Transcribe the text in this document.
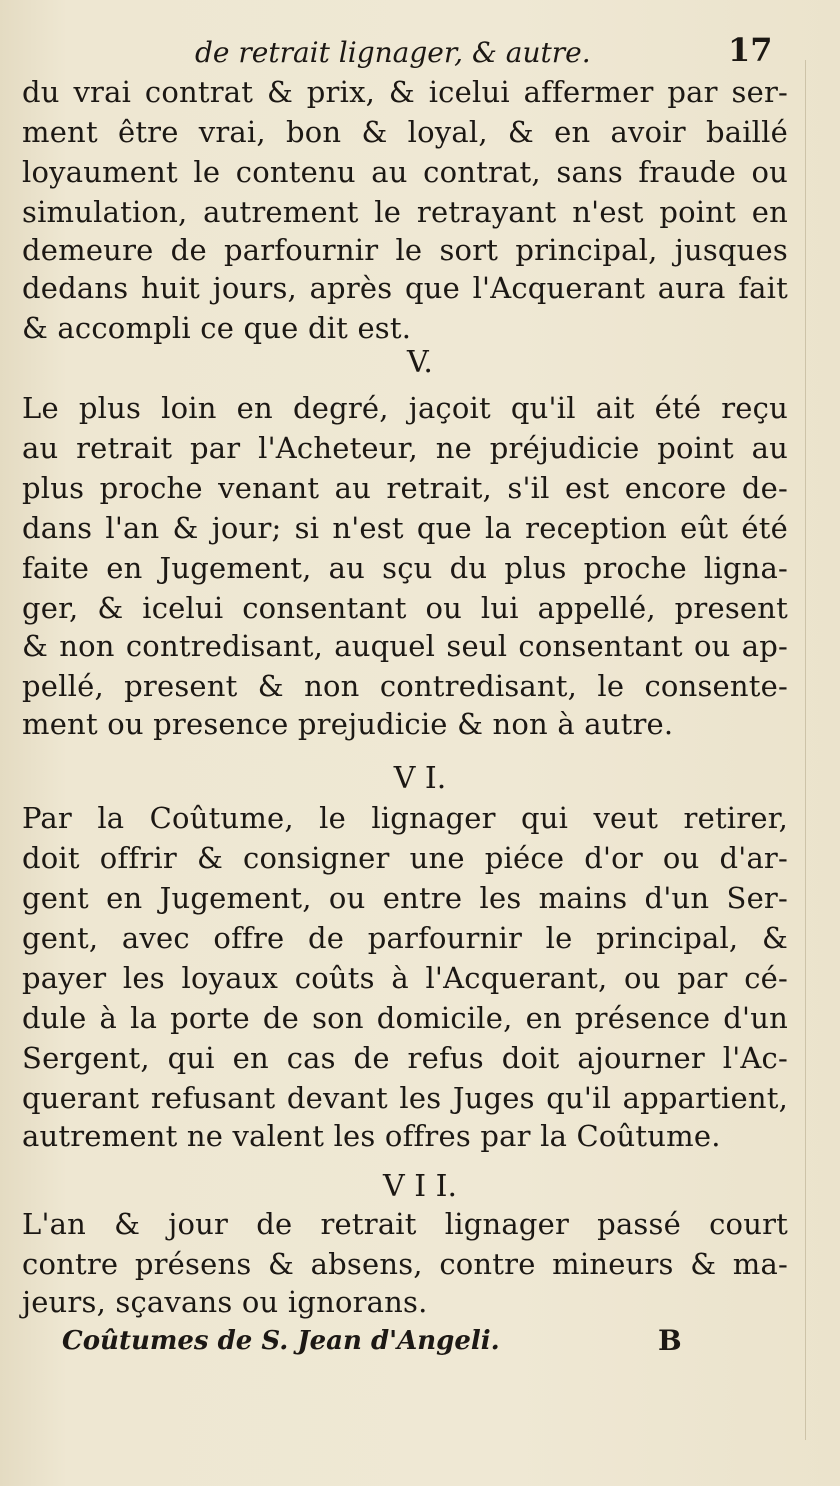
de retrait lignager, & autre.	17
du vrai contrat & prix, & icelui affermer par ser-
ment être vrai, bon & loyal, & en avoir baillé
loyaument le contenu au contrat, sans fraude ou
simulation, autrement le retrayant n'est point en
demeure de parfournir le sort principal, jusques
dedans huit jours, après que l'Acquerant aura fait
& accompli ce que dit est.
V.
Le plus loin en degré, jaçoit qu'il ait été reçu
au retrait par l'Acheteur, ne préjudicie point au
plus proche venant au retrait, s'il est encore de-
dans l'an & jour; si n'est que la reception eût été
faite en Jugement, au sçu du plus proche ligna-
ger, & icelui consentant ou lui appellé, present
& non contredisant, auquel seul consentant ou ap-
pellé, present & non contredisant, le consente-
ment ou presence prejudicie & non à autre.
V I.
Par la Coûtume, le lignager qui veut retirer,
doit offrir & consigner une piéce d'or ou d'ar-
gent en Jugement, ou entre les mains d'un Ser-
gent, avec offre de parfournir le principal, &
payer les loyaux coûts à l'Acquerant, ou par cé-
dule à la porte de son domicile, en présence d'un
Sergent, qui en cas de refus doit ajourner l'Ac-
querant refusant devant les Juges qu'il appartient,
autrement ne valent les offres par la Coûtume.
V I I.
L'an & jour de retrait lignager passé court
contre présens & absens, contre mineurs & ma-
jeurs, sçavans ou ignorans.
Coûtumes de S. Jean d'Angeli.	B
